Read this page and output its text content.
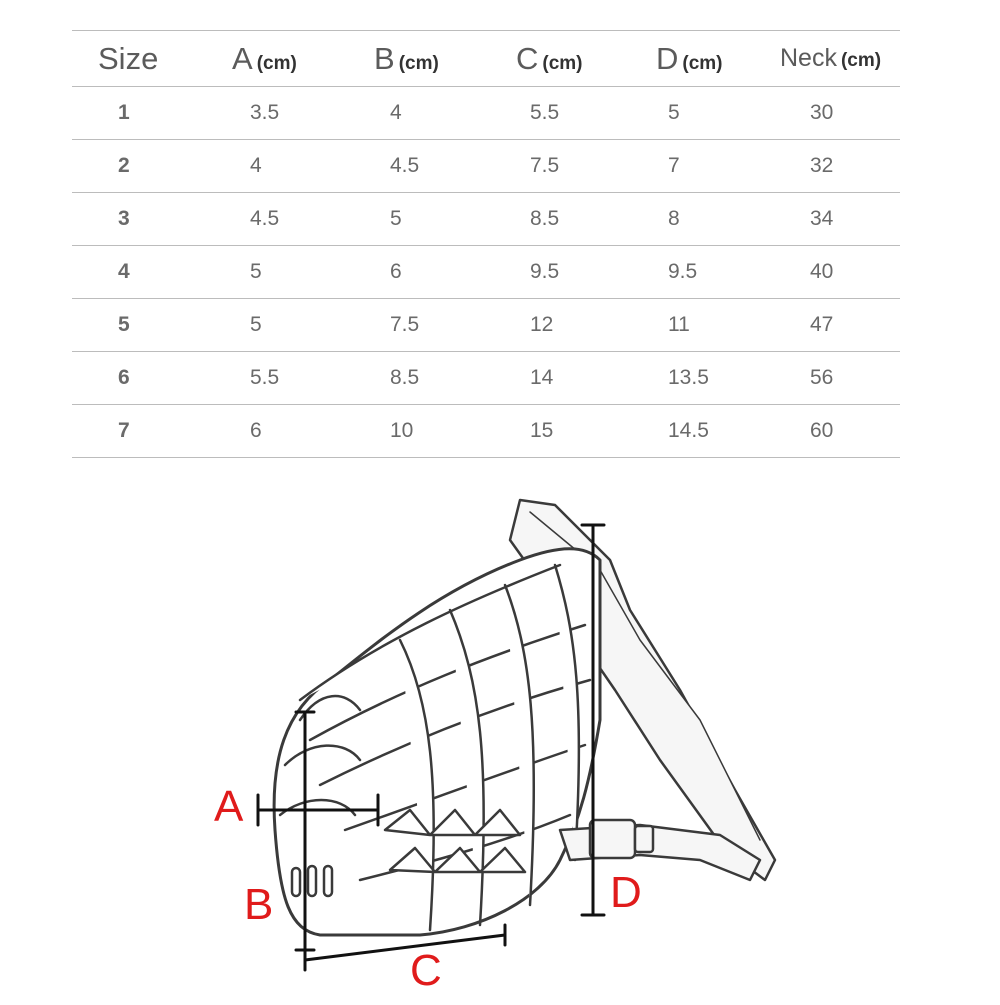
Size	A (cm)	B (cm)	C (cm)	D (cm)	Neck (cm)
1	3.5	4	5.5	5	30
2	4	4.5	7.5	7	32
3	4.5	5	8.5	8	34
4	5	6	9.5	9.5	40
5	5	7.5	12	11	47
6	5.5	8.5	14	13.5	56
7	6	10	15	14.5	60
A
B
C
D
